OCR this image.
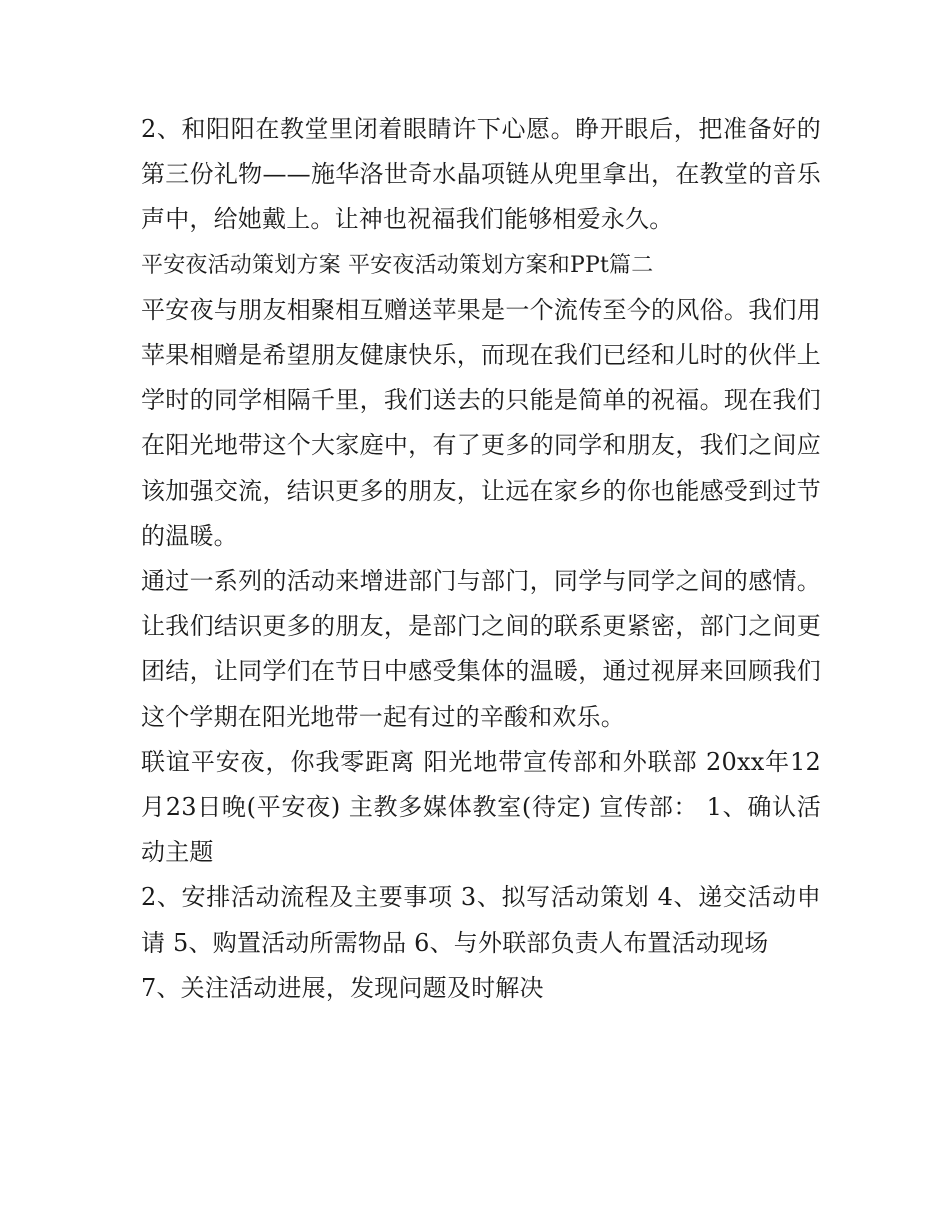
2、和阳阳在教堂里闭着眼睛许下心愿。睁开眼后，把准备好的第三份礼物——施华洛世奇水晶项链从兜里拿出，在教堂的音乐声中，给她戴上。让神也祝福我们能够相爱永久。

平安夜活动策划方案 平安夜活动策划方案和PPt篇二

平安夜与朋友相聚相互赠送苹果是一个流传至今的风俗。我们用苹果相赠是希望朋友健康快乐，而现在我们已经和儿时的伙伴上学时的同学相隔千里，我们送去的只能是简单的祝福。现在我们在阳光地带这个大家庭中，有了更多的同学和朋友，我们之间应该加强交流，结识更多的朋友，让远在家乡的你也能感受到过节的温暖。

通过一系列的活动来增进部门与部门，同学与同学之间的感情。让我们结识更多的朋友，是部门之间的联系更紧密，部门之间更团结，让同学们在节日中感受集体的温暖，通过视屏来回顾我们这个学期在阳光地带一起有过的辛酸和欢乐。

联谊平安夜，你我零距离 阳光地带宣传部和外联部 20xx年12月23日晚(平安夜) 主教多媒体教室(待定) 宣传部： 1、确认活动主题

2、安排活动流程及主要事项 3、拟写活动策划 4、递交活动申请 5、购置活动所需物品 6、与外联部负责人布置活动现场

7、关注活动进展，发现问题及时解决
